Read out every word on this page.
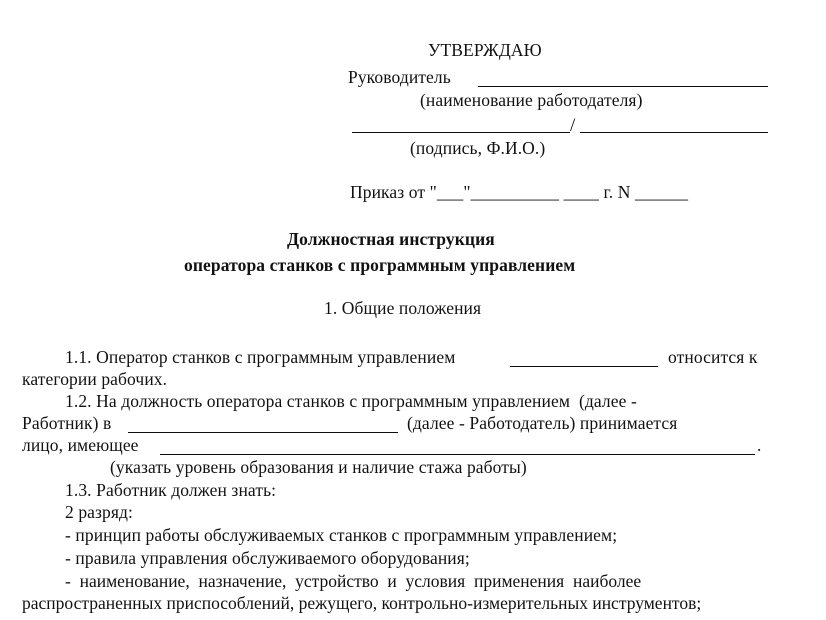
УТВЕРЖДАЮ
Руководитель
(наименование работодателя)
/
(подпись, Ф.И.О.)
Приказ от "___"__________ ____ г. N ______
Должностная инструкция
оператора станков с программным управлением
1. Общие положения
1.1. Оператор станков с программным управлением	относится к
категории рабочих.
1.2. На должность оператора станков с программным управлением  (далее -
Работник) в	(далее - Работодатель) принимается
лицо, имеющее	.
(указать уровень образования и наличие стажа работы)
1.3. Работник должен знать:
2 разряд:
- принцип работы обслуживаемых станков с программным управлением;
- правила управления обслуживаемого оборудования;
-  наименование,  назначение,  устройство  и  условия  применения  наиболее
распространенных приспособлений, режущего, контрольно-измерительных инструментов;
